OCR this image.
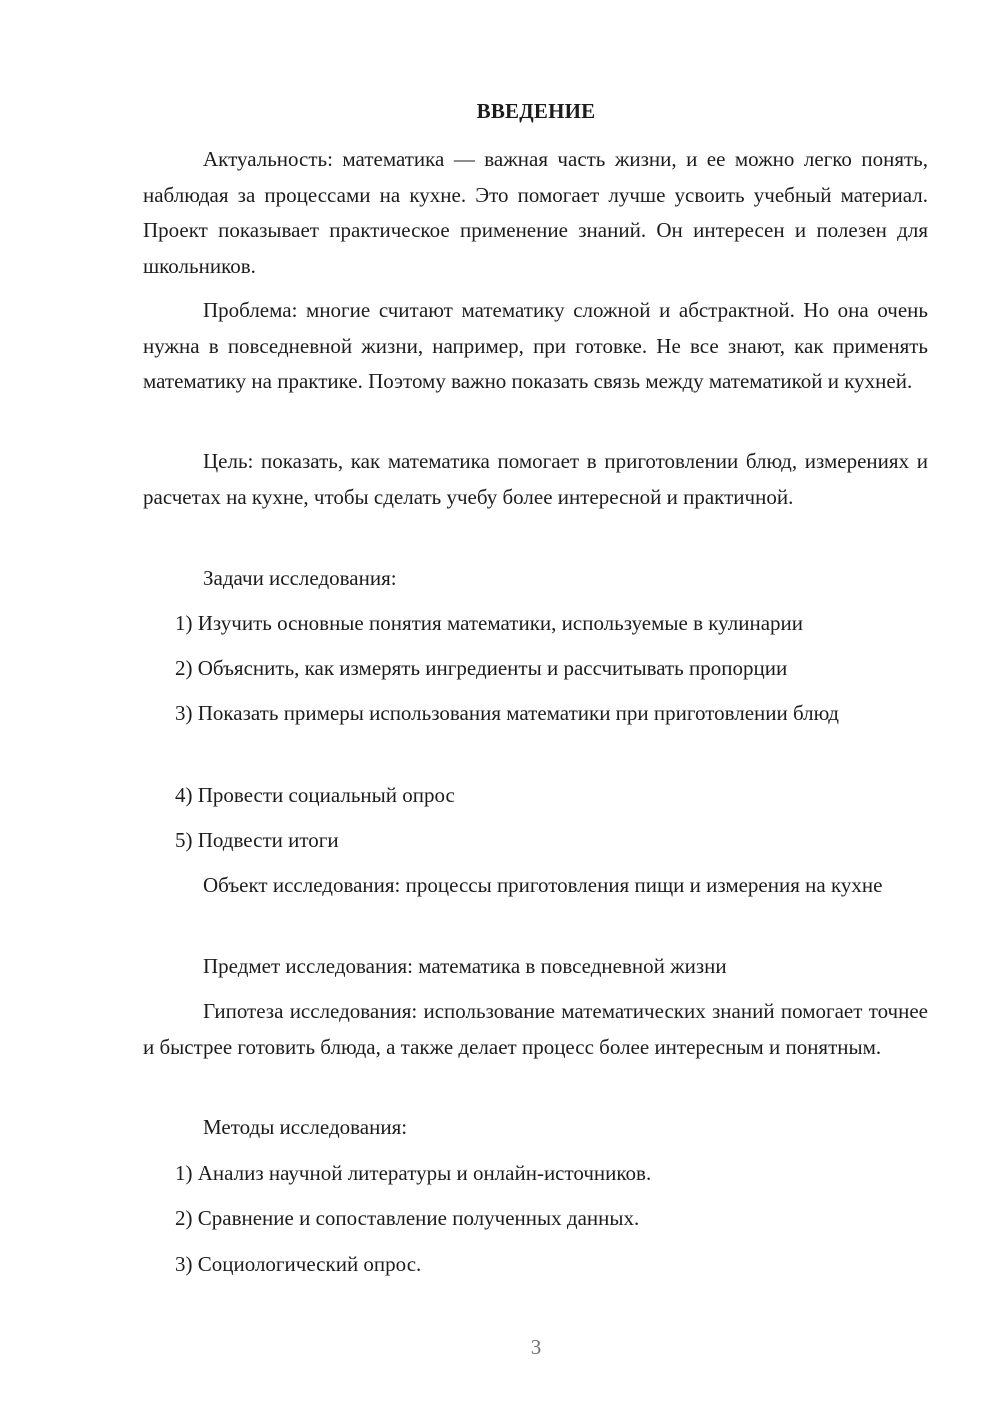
ВВЕДЕНИЕ

Актуальность: математика — важная часть жизни, и ее можно легко понять, наблюдая за процессами на кухне. Это помогает лучше усвоить учебный материал. Проект показывает практическое применение знаний. Он интересен и полезен для школьников.

Проблема: многие считают математику сложной и абстрактной. Но она очень нужна в повседневной жизни, например, при готовке. Не все знают, как применять математику на практике. Поэтому важно показать связь между математикой и кухней.

Цель: показать, как математика помогает в приготовлении блюд, измерениях и расчетах на кухне, чтобы сделать учебу более интересной и практичной.

Задачи исследования:

1) Изучить основные понятия математики, используемые в кулинарии

2) Объяснить, как измерять ингредиенты и рассчитывать пропорции

3) Показать примеры использования математики при приготовлении блюд

4) Провести социальный опрос

5) Подвести итоги

Объект исследования: процессы приготовления пищи и измерения на кухне

Предмет исследования: математика в повседневной жизни

Гипотеза исследования: использование математических знаний помогает точнее и быстрее готовить блюда, а также делает процесс более интересным и понятным.

Методы исследования:

1) Анализ научной литературы и онлайн-источников.

2) Сравнение и сопоставление полученных данных.

3) Социологический опрос.

3
